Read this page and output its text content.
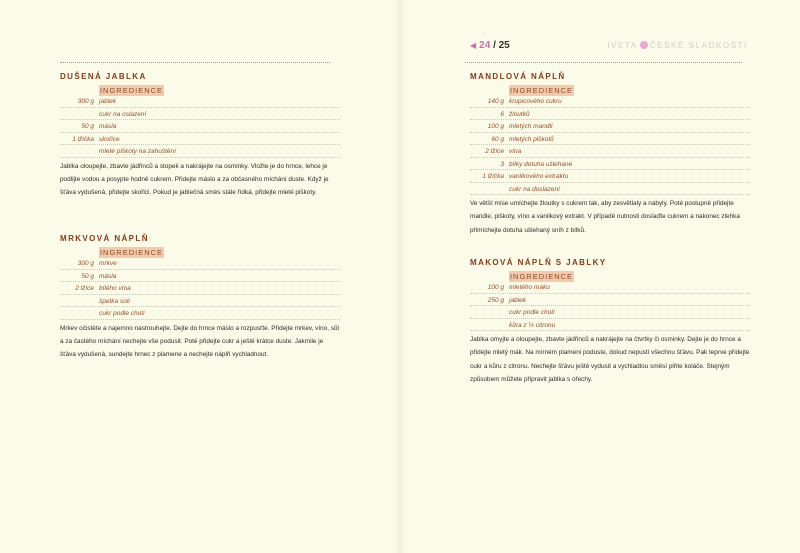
DUŠENÁ JABLKA
INGREDIENCE
300 g jablek
cukr na oslazení
50 g másla
1 lžička skořice
mleté piškoty na zahuštění
Jablka oloupejte, zbavte jádřinců a stopek a nakrájejte na osminky. Vložte je do hrnce, lehce je podlijte vodou a posypte hodně cukrem. Přidejte máslo a za občasného míchání duste. Když je šťáva vydušená, přidejte skořici. Pokud je jablečná směs stále řídká, přidejte mleté piškoty.
MRKVOVÁ NÁPLŇ
INGREDIENCE
300 g mrkve
50 g másla
2 lžíce bílého vína
špetka soli
cukr podle chuti
Mrkev očistěte a najemno nastrouhejte. Dejte do hrnce máslo a rozpusťte. Přidejte mrkev, víno, sůl a za častého míchání nechejte vše podusit. Poté přidejte cukr a ještě krátce duste. Jakmile je šťáva vydušená, sundejte hrnec z plamene a nechejte náplň vychladnout.
◀ 24 / 25	IVETA ČESKÉ SLADKOSTI
MANDLOVÁ NÁPLŇ
INGREDIENCE
140 g krupicového cukru
6 žloutků
100 g mletých mandlí
60 g mletých piškotů
2 lžíce vína
3 bílky dotuha ušlehané
1 lžička vanilkového extraktu
cukr na doslazení
Ve větší míse umíchejte žloutky s cukrem tak, aby zesvětlaly a nabyly. Poté postupně přidejte mandle, piškoty, víno a vanilkový extrakt. V případě nutnosti doslaďte cukrem a nakonec zlehka přimíchejte dotuha ušlehaný sníh z bílků.
MAKOVÁ NÁPLŇ S JABLKY
INGREDIENCE
100 g mletého máku
250 g jablek
cukr podle chuti
kůra z ½ citronu
Jablka omyjte a oloupejte, zbavte jádřinců a nakrájejte na čtvrtky či osminky. Dejte je do hrnce a přidejte mletý mák. Na mírném plameni poduste, dokud nepustí všechnu šťávu. Pak teprve přidejte cukr a kůru z citronu. Nechejte šťávu ještě vydusit a vychladlou směsí plňte koláče. Stejným způsobem můžete připravit jablka s ořechy.
